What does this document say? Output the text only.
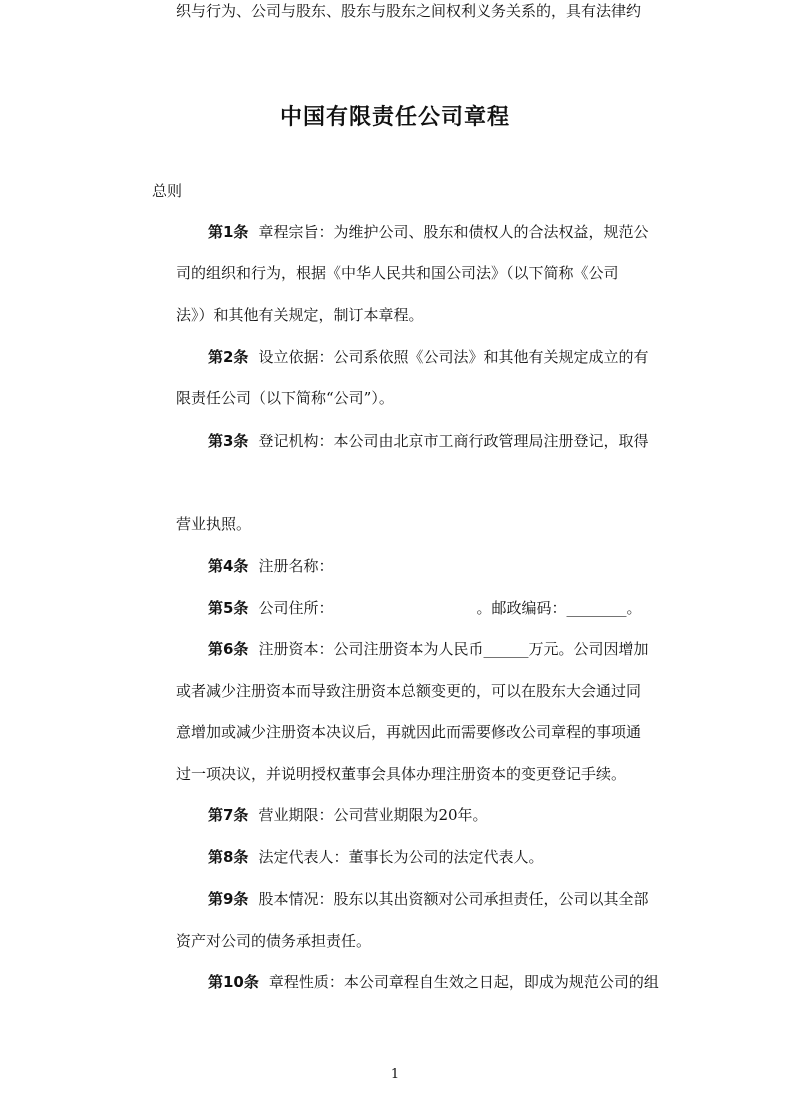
中国有限责任公司章程
总则
第1条 章程宗旨：为维护公司、股东和债权人的合法权益，规范公
司的组织和行为，根据《中华人民共和国公司法》（以下简称《公司
法》）和其他有关规定，制订本章程。
第2条 设立依据：公司系依照《公司法》和其他有关规定成立的有
限责任公司（以下简称“公司”）。
第3条 登记机构：本公司由北京市工商行政管理局注册登记，取得
营业执照。
第4条 注册名称：
第5条 公司住所：                              。邮政编码：________。
第6条 注册资本：公司注册资本为人民币______万元。公司因增加
或者减少注册资本而导致注册资本总额变更的，可以在股东大会通过同
意增加或减少注册资本决议后，再就因此而需要修改公司章程的事项通
过一项决议，并说明授权董事会具体办理注册资本的变更登记手续。
第7条 营业期限：公司营业期限为20年。
第8条 法定代表人：董事长为公司的法定代表人。
第9条 股本情况：股东以其出资额对公司承担责任，公司以其全部
资产对公司的债务承担责任。
第10条 章程性质：本公司章程自生效之日起，即成为规范公司的组
织与行为、公司与股东、股东与股东之间权利义务关系的，具有法律约
1
